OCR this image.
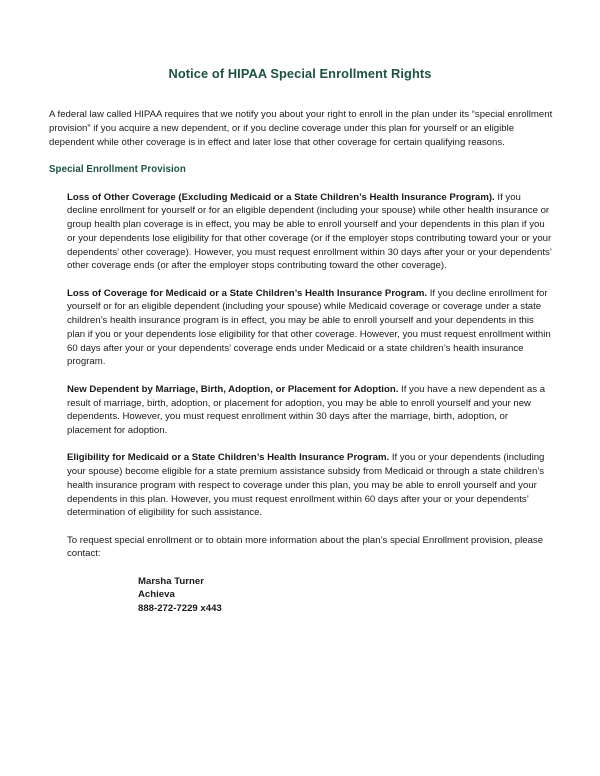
Notice of HIPAA Special Enrollment Rights

A federal law called HIPAA requires that we notify you about your right to enroll in the plan under its “special enrollment provision” if you acquire a new dependent, or if you decline coverage under this plan for yourself or an eligible dependent while other coverage is in effect and later lose that other coverage for certain qualifying reasons.

Special Enrollment Provision

Loss of Other Coverage (Excluding Medicaid or a State Children’s Health Insurance Program). If you decline enrollment for yourself or for an eligible dependent (including your spouse) while other health insurance or group health plan coverage is in effect, you may be able to enroll yourself and your dependents in this plan if you or your dependents lose eligibility for that other coverage (or if the employer stops contributing toward your or your dependents’ other coverage). However, you must request enrollment within 30 days after your or your dependents’ other coverage ends (or after the employer stops contributing toward the other coverage).

Loss of Coverage for Medicaid or a State Children’s Health Insurance Program. If you decline enrollment for yourself or for an eligible dependent (including your spouse) while Medicaid coverage or coverage under a state children’s health insurance program is in effect, you may be able to enroll yourself and your dependents in this plan if you or your dependents lose eligibility for that other coverage. However, you must request enrollment within 60 days after your or your dependents’ coverage ends under Medicaid or a state children’s health insurance program.

New Dependent by Marriage, Birth, Adoption, or Placement for Adoption. If you have a new dependent as a result of marriage, birth, adoption, or placement for adoption, you may be able to enroll yourself and your new dependents. However, you must request enrollment within 30 days after the marriage, birth, adoption, or placement for adoption.

Eligibility for Medicaid or a State Children’s Health Insurance Program. If you or your dependents (including your spouse) become eligible for a state premium assistance subsidy from Medicaid or through a state children’s health insurance program with respect to coverage under this plan, you may be able to enroll yourself and your dependents in this plan. However, you must request enrollment within 60 days after your or your dependents’ determination of eligibility for such assistance.

To request special enrollment or to obtain more information about the plan’s special Enrollment provision, please contact:

Marsha Turner
Achieva
888-272-7229 x443
